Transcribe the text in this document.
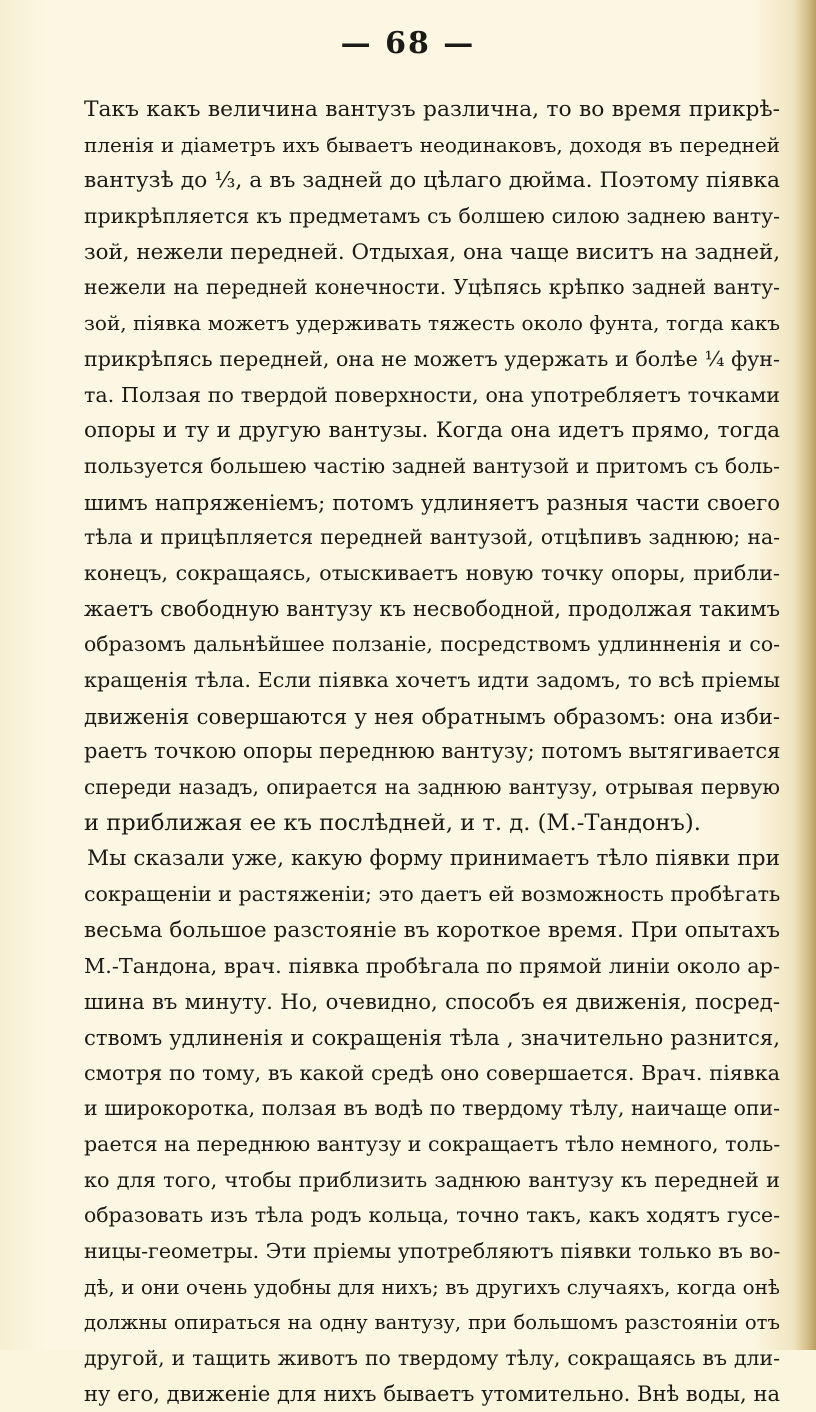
— 68 —
Такъ какъ величина вантузъ различна, то во время прикрѣ-
пленія и діаметръ ихъ бываетъ неодинаковъ, доходя въ передней
вантузѣ до ⅓, а въ задней до цѣлаго дюйма. Поэтому піявка
прикрѣпляется къ предметамъ съ болшею силою заднею ванту-
зой, нежели передней. Отдыхая, она чаще виситъ на задней,
нежели на передней конечности. Уцѣпясь крѣпко задней ванту-
зой, піявка можетъ удерживать тяжесть около фунта, тогда какъ
прикрѣпясь передней, она не можетъ удержать и болѣе ¼ фун-
та. Ползая по твердой поверхности, она употребляетъ точками
опоры и ту и другую вантузы. Когда она идетъ прямо, тогда
пользуется большею частію задней вантузой и притомъ съ боль-
шимъ напряженіемъ; потомъ удлиняетъ разныя части своего
тѣла и прицѣпляется передней вантузой, отцѣпивъ заднюю; на-
конецъ, сокращаясь, отыскиваетъ новую точку опоры, прибли-
жаетъ свободную вантузу къ несвободной, продолжая такимъ
образомъ дальнѣйшее ползаніе, посредствомъ удлинненія и со-
кращенія тѣла. Если піявка хочетъ идти задомъ, то всѣ пріемы
движенія совершаются у нея обратнымъ образомъ: она изби-
раетъ точкою опоры переднюю вантузу; потомъ вытягивается
спереди назадъ, опирается на заднюю вантузу, отрывая первую
и приближая ее къ послѣдней, и т. д. (М.-Тандонъ).
Мы сказали уже, какую форму принимаетъ тѣло піявки при
сокращеніи и растяженіи; это даетъ ей возможность пробѣгать
весьма большое разстояніе въ короткое время. При опытахъ
М.-Тандона, врач. піявка пробѣгала по прямой линіи около ар-
шина въ минуту. Но, очевидно, способъ ея движенія, посред-
ствомъ удлиненія и сокращенія тѣла , значительно разнится,
смотря по тому, въ какой средѣ оно совершается. Врач. піявка
и широкоротка, ползая въ водѣ по твердому тѣлу, наичаще опи-
рается на переднюю вантузу и сокращаетъ тѣло немного, толь-
ко для того, чтобы приблизить заднюю вантузу къ передней и
образовать изъ тѣла родъ кольца, точно такъ, какъ ходятъ гусе-
ницы-геометры. Эти пріемы употребляютъ піявки только въ во-
дѣ, и они очень удобны для нихъ; въ другихъ случаяхъ, когда онѣ
должны опираться на одну вантузу, при большомъ разстояніи отъ
другой, и тащить животъ по твердому тѣлу, сокращаясь въ дли-
ну его, движеніе для нихъ бываетъ утомительно. Внѣ воды, на
